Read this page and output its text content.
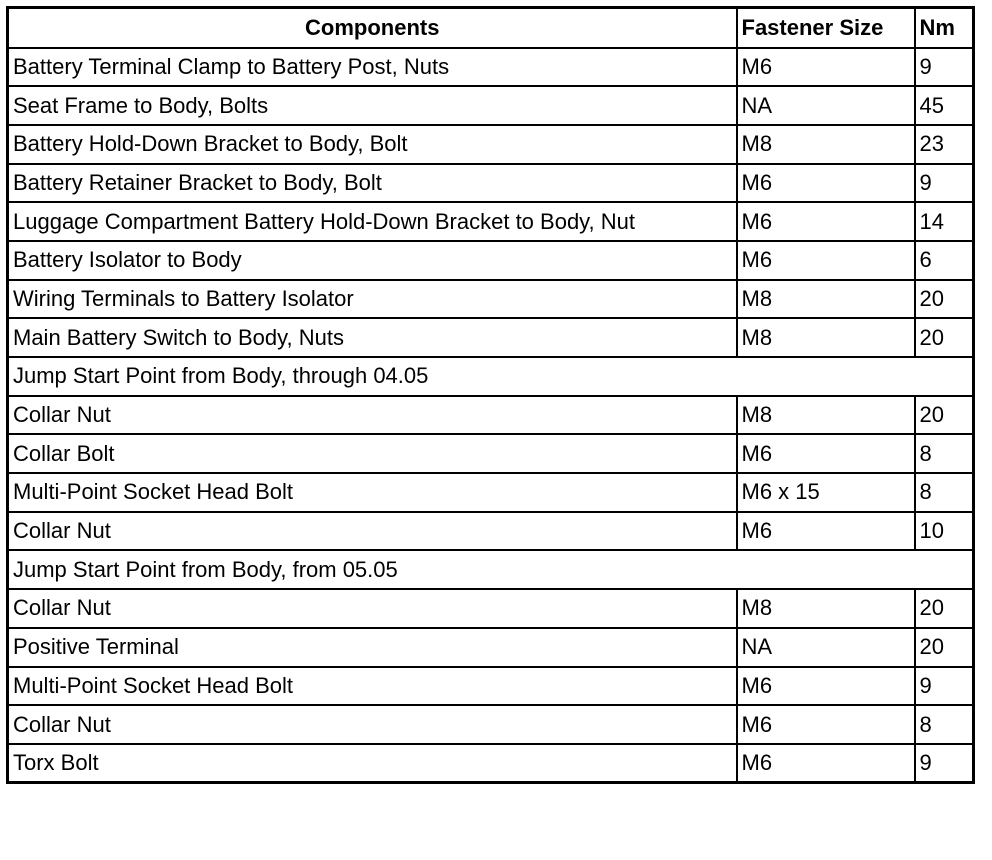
Components	Fastener Size	Nm
Battery Terminal Clamp to Battery Post, Nuts	M6	9
Seat Frame to Body, Bolts	NA	45
Battery Hold-Down Bracket to Body, Bolt	M8	23
Battery Retainer Bracket to Body, Bolt	M6	9
Luggage Compartment Battery Hold-Down Bracket to Body, Nut	M6	14
Battery Isolator to Body	M6	6
Wiring Terminals to Battery Isolator	M8	20
Main Battery Switch to Body, Nuts	M8	20
Jump Start Point from Body, through 04.05		
Collar Nut	M8	20
Collar Bolt	M6	8
Multi-Point Socket Head Bolt	M6 x 15	8
Collar Nut	M6	10
Jump Start Point from Body, from 05.05		
Collar Nut	M8	20
Positive Terminal	NA	20
Multi-Point Socket Head Bolt	M6	9
Collar Nut	M6	8
Torx Bolt	M6	9
